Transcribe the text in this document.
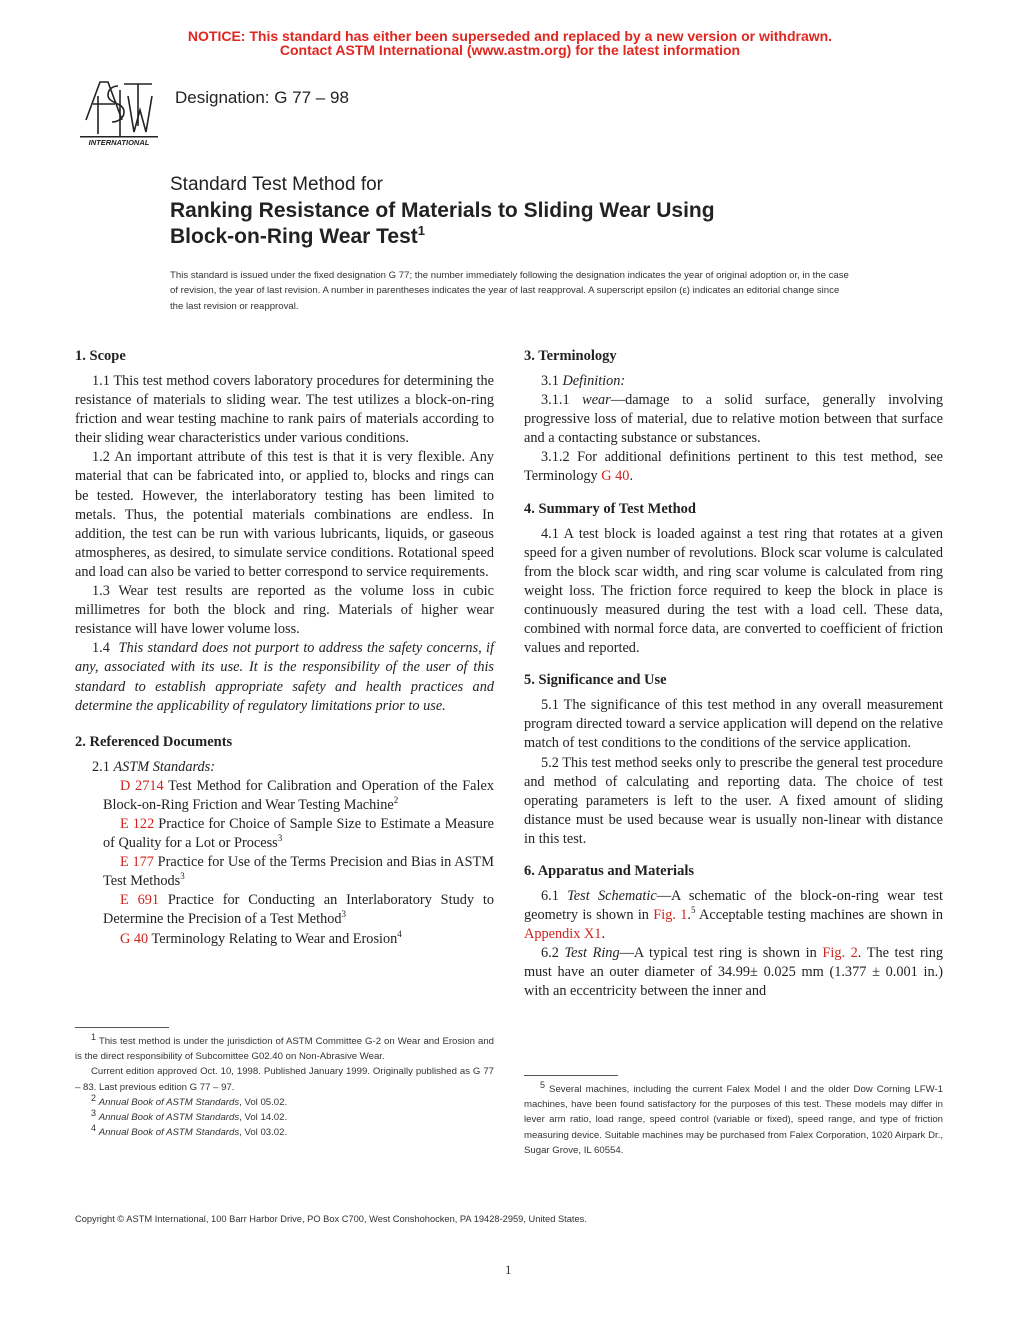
NOTICE: This standard has either been superseded and replaced by a new version or withdrawn.
Contact ASTM International (www.astm.org) for the latest information
INTERNATIONAL
Designation: G 77 – 98
Standard Test Method for
Ranking Resistance of Materials to Sliding Wear Using
Block-on-Ring Wear Test$^1$
This standard is issued under the fixed designation G 77; the number immediately following the designation indicates the year of original adoption or, in the case of revision, the year of last revision. A number in parentheses indicates the year of last reapproval. A superscript epsilon (ε) indicates an editorial change since the last revision or reapproval.
1. Scope

1.1 This test method covers laboratory procedures for determining the resistance of materials to sliding wear. The test utilizes a block-on-ring friction and wear testing machine to rank pairs of materials according to their sliding wear characteristics under various conditions.

1.2 An important attribute of this test is that it is very flexible. Any material that can be fabricated into, or applied to, blocks and rings can be tested. However, the interlaboratory testing has been limited to metals. Thus, the potential materials combinations are endless. In addition, the test can be run with various lubricants, liquids, or gaseous atmospheres, as desired, to simulate service conditions. Rotational speed and load can also be varied to better correspond to service requirements.

1.3 Wear test results are reported as the volume loss in cubic millimetres for both the block and ring. Materials of higher wear resistance will have lower volume loss.

1.4 This standard does not purport to address the safety concerns, if any, associated with its use. It is the responsibility of the user of this standard to establish appropriate safety and health practices and determine the applicability of regulatory limitations prior to use.

2. Referenced Documents

2.1 ASTM Standards:

D 2714 Test Method for Calibration and Operation of the Falex Block-on-Ring Friction and Wear Testing Machine$^2$

E 122 Practice for Choice of Sample Size to Estimate a Measure of Quality for a Lot or Process$^3$

E 177 Practice for Use of the Terms Precision and Bias in ASTM Test Methods$^3$

E 691 Practice for Conducting an Interlaboratory Study to Determine the Precision of a Test Method$^3$

G 40 Terminology Relating to Wear and Erosion$^4$

$^1$ This test method is under the jurisdiction of ASTM Committee G-2 on Wear and Erosion and is the direct responsibility of Subcomittee G02.40 on Non-Abrasive Wear.

Current edition approved Oct. 10, 1998. Published January 1999. Originally published as G 77 – 83. Last previous edition G 77 – 97.

$^2$ Annual Book of ASTM Standards, Vol 05.02.

$^3$ Annual Book of ASTM Standards, Vol 14.02.

$^4$ Annual Book of ASTM Standards, Vol 03.02.

3. Terminology

3.1 Definition:

3.1.1 wear—damage to a solid surface, generally involving progressive loss of material, due to relative motion between that surface and a contacting substance or substances.

3.1.2 For additional definitions pertinent to this test method, see Terminology G 40.

4. Summary of Test Method

4.1 A test block is loaded against a test ring that rotates at a given speed for a given number of revolutions. Block scar volume is calculated from the block scar width, and ring scar volume is calculated from ring weight loss. The friction force required to keep the block in place is continuously measured during the test with a load cell. These data, combined with normal force data, are converted to coefficient of friction values and reported.

5. Significance and Use

5.1 The significance of this test method in any overall measurement program directed toward a service application will depend on the relative match of test conditions to the conditions of the service application.

5.2 This test method seeks only to prescribe the general test procedure and method of calculating and reporting data. The choice of test operating parameters is left to the user. A fixed amount of sliding distance must be used because wear is usually non-linear with distance in this test.

6. Apparatus and Materials

6.1 Test Schematic—A schematic of the block-on-ring wear test geometry is shown in Fig. 1.$^5$ Acceptable testing machines are shown in Appendix X1.

6.2 Test Ring—A typical test ring is shown in Fig. 2. The test ring must have an outer diameter of 34.99± 0.025 mm (1.377 ± 0.001 in.) with an eccentricity between the inner and

$^5$ Several machines, including the current Falex Model I and the older Dow Corning LFW-1 machines, have been found satisfactory for the purposes of this test. These models may differ in lever arm ratio, load range, speed control (variable or fixed), speed range, and type of friction measuring device. Suitable machines may be purchased from Falex Corporation, 1020 Airpark Dr., Sugar Grove, IL 60554.

Copyright © ASTM International, 100 Barr Harbor Drive, PO Box C700, West Conshohocken, PA 19428-2959, United States.
1
